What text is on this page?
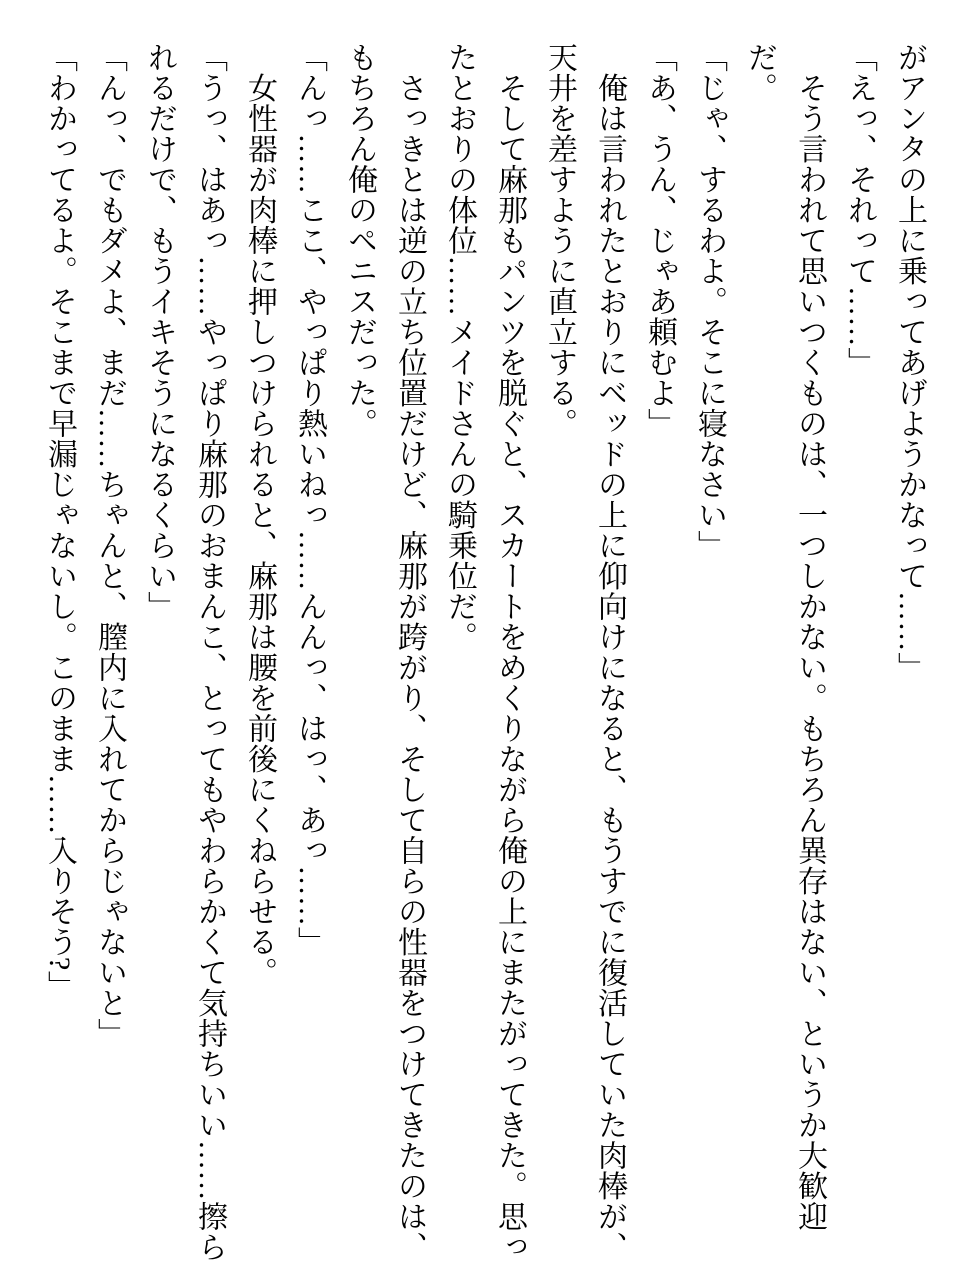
がアンタの上に乗ってあげようかなって……」
「えっ、それって……」
　そう言われて思いつくものは、一つしかない。もちろん異存はない、というか大歓迎
だ。
「じゃ、するわよ。そこに寝なさい」
「あ、うん、じゃあ頼むよ」
　俺は言われたとおりにベッドの上に仰向けになると、もうすでに復活していた肉棒が、
天井を差すように直立する。
　そして麻那もパンツを脱ぐと、スカートをめくりながら俺の上にまたがってきた。思っ
たとおりの体位……メイドさんの騎乗位だ。
　さっきとは逆の立ち位置だけど、麻那が跨がり、そして自らの性器をつけてきたのは、
もちろん俺のペニスだった。
「んっ……ここ、やっぱり熱いねっ……んんっ、はっ、あっ……」
　女性器が肉棒に押しつけられると、麻那は腰を前後にくねらせる。
「うっ、はあっ……やっぱり麻那のおまんこ、とってもやわらかくて気持ちいい……擦ら
れるだけで、もうイキそうになるくらい」
「んっ、でもダメよ、まだ……ちゃんと、膣内に入れてからじゃないと」
「わかってるよ。そこまで早漏じゃないし。このまま……入りそう?」
